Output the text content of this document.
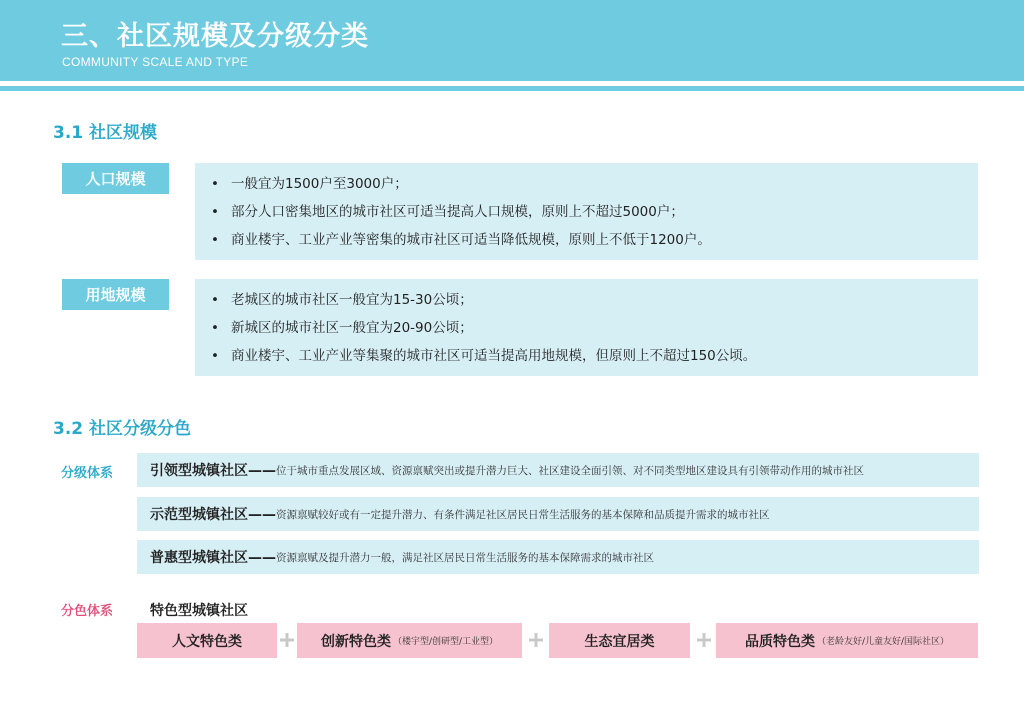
三、社区规模及分级分类
COMMUNITY SCALE AND TYPE
3.1 社区规模
人口规模	• 一般宜为1500户至3000户；
• 部分人口密集地区的城市社区可适当提高人口规模，原则上不超过5000户；
• 商业楼宇、工业产业等密集的城市社区可适当降低规模，原则上不低于1200户。
用地规模	• 老城区的城市社区一般宜为15-30公顷；
• 新城区的城市社区一般宜为20-90公顷；
• 商业楼宇、工业产业等集聚的城市社区可适当提高用地规模，但原则上不超过150公顷。
3.2 社区分级分色
分级体系	引领型城镇社区—— 位于城市重点发展区域、资源禀赋突出或提升潜力巨大、社区建设全面引领、对不同类型地区建设具有引领带动作用的城市社区
示范型城镇社区—— 资源禀赋较好或有一定提升潜力、有条件满足社区居民日常生活服务的基本保障和品质提升需求的城市社区
普惠型城镇社区—— 资源禀赋及提升潜力一般，满足社区居民日常生活服务的基本保障需求的城市社区
分色体系	特色型城镇社区
人文特色类	创新特色类 （楼宇型/创研型/工业型）	生态宜居类	品质特色类 （老龄友好/儿童友好/国际社区）
